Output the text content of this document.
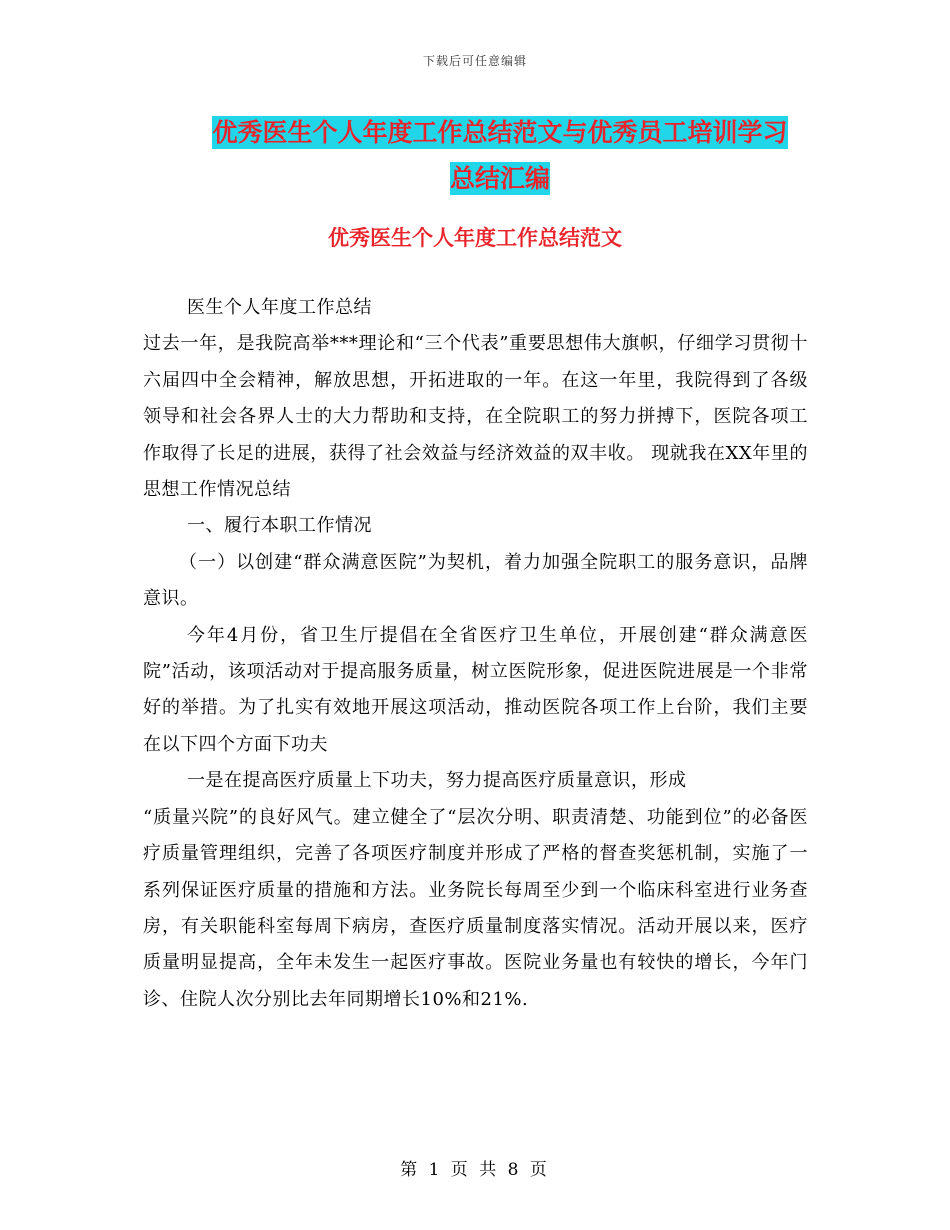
下载后可任意编辑
优秀医生个人年度工作总结范文与优秀员工培训学习
总结汇编
优秀医生个人年度工作总结范文

医生个人年度工作总结

过去一年，是我院高举***理论和“三个代表”重要思想伟大旗帜，仔细学习贯彻十六届四中全会精神，解放思想，开拓进取的一年。在这一年里，我院得到了各级领导和社会各界人士的大力帮助和支持，在全院职工的努力拼搏下，医院各项工作取得了长足的进展，获得了社会效益与经济效益的双丰收。 现就我在XX年里的思想工作情况总结

一、履行本职工作情况

（一）以创建“群众满意医院”为契机，着力加强全院职工的服务意识，品牌意识。

今年4月份，省卫生厅提倡在全省医疗卫生单位，开展创建“群众满意医院”活动，该项活动对于提高服务质量，树立医院形象，促进医院进展是一个非常好的举措。为了扎实有效地开展这项活动，推动医院各项工作上台阶，我们主要在以下四个方面下功夫

一是在提高医疗质量上下功夫，努力提高医疗质量意识，形成

“质量兴院”的良好风气。建立健全了“层次分明、职责清楚、功能到位”的必备医疗质量管理组织，完善了各项医疗制度并形成了严格的督查奖惩机制，实施了一系列保证医疗质量的措施和方法。业务院长每周至少到一个临床科室进行业务查房，有关职能科室每周下病房，查医疗质量制度落实情况。活动开展以来，医疗质量明显提高，全年未发生一起医疗事故。医院业务量也有较快的增长，今年门诊、住院人次分别比去年同期增长10%和21%.

第 1 页 共 8 页
